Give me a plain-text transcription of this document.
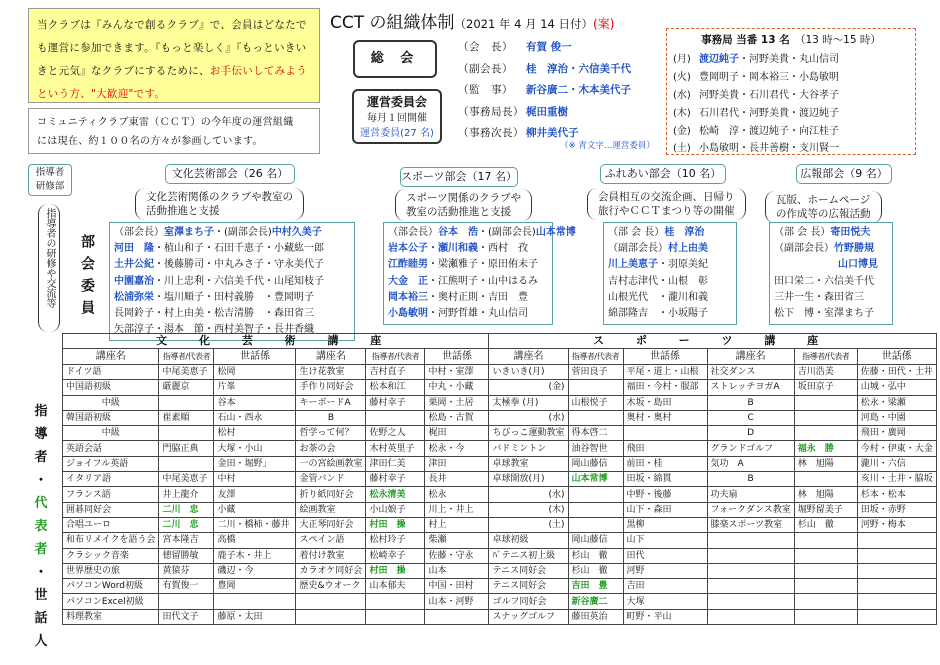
当クラブは『みんなで創るクラブ』で、会員はどなたで
も運営に参加できます。『もっと楽しく』『もっといきい
きと元気』なクラブにするために、お手伝いしてみよう
という方、"大歓迎"です。
コミュニティクラブ東雷（ＣＣＴ）の今年度の運営組織
には現在、約１００名の方々が参画しています。
CCT の組織体制（2021 年 4 月 14 日付）(案)
総 会
運営委員会
毎月１回開催
運営委員(27 名)
（会　長）	有賀 俊一
（副会長）	桂　淳治・六信美千代
（監　事）	新谷廣二・木本美代子
（事務局長） 梶田重樹
（事務次長） 柳井美代子
（※ 青文字…運営委員）
事務局 当番 13 名　 （13 時～15 時）
(月) 渡辺純子 ・河野美貴・丸山信司
(火) 豊岡明子・岡本裕三・小島敏明
(水) 河野美貴・石川君代・大谷孝子
(木) 石川君代・河野美貴・渡辺純子
(金) 松崎　淳・渡辺純子・向江桂子
(土) 小島敏明・長井善樹・支川賢一
指導者
研修部
指導者の研修や交流等 部会委員
文化芸術部会（26 名）
文化芸術関係のクラブや教室の
活動推進と支援
スポーツ部会（17 名）
スポーツ関係のクラブや
教室の活動推進と支援
ふれあい部会（10 名）
会員相互の交流企画、日帰り
旅行やＣＣＴまつり等の開催
広報部会（9 名）
瓦版、ホームページ
の作成等の広報活動
（部会長）室澤まち子・(副部会長)中村久美子
河田　隆・植山和子・石田千恵子・小藏紘一郎
土井公紀・後藤勝司・中丸みさ子・守永美代子
中園嘉治・川上忠利・六信美千代・山尾知枝子
松浦弥栄・塩川順子・田村義勝　・豊岡明子
長岡鈴子・村上由美・松吉清勝　・森田省三
矢部淳子・湯本　節・西村美智子・長井香織
（部会長）谷本　浩・(副部会長)山本常博
岩本公子・瀬川和義・西村　孜
江酢睦男・梁瀬雅子・原田侑未子
大金　正・江熊明子・山中はるみ
岡本裕三・奥村正則・吉田　豊
小島敏明・河野哲雄・丸山信司
（部 会 長）桂　淳治
（副部会長）村上由美
川上美恵子・羽原美紀
吉村志津代・山根　彰
山根光代　・瀧川和義
綿部隆吉　・小坂陽子
（部 会 長）寄田悦夫
（副部会長）竹野勝規
山口博見
田口栄二・六信美千代
三井一生・森田省三
松下　博・室澤まち子
指
導
者
・
代
表
者
・
世
話
人
文 化 芸 術 講 座						ス ポ ー ツ 講 座					
講座名	指導者/代表者	世話係	講座名	指導者/代表者	世話係	講座名	指導者/代表者	世話係	講座名	指導者/代表者	世話係
ドイツ語	中尾美恵子	松岡	生け花教室	吉村直子	中村・室澤	いきいき(月)	菅田良子	平尾・道上・山根	社交ダンス	吉川浩美	佐藤・田代・土井
中国語初級	厳麗京	片峯	手作り同好会	松本和江	中丸・小藏	(金)		福田・今村・服部	ストレッチヨガA	坂田京子	山城・弘中
中級		谷本	キーボードA	藤村幸子	栗岡・土居	太極拳 (月)	山根悦子	木坂・島田	B		松永・梁瀬
韓国語初級	崔素順	石山・西永	B		松島・古賀	(水)		奥村・奥村	C		河島・中園
中級		松村	哲学って何？	佐野之人	梶田	ちびっこ運動教室	得本啓二		D		飛田・廣岡
英語会話	門脇正典	大塚・小山	お茶の会	木村英里子	松永・今	バドミントン	油谷智世	飛田	グランドゴルフ	福永　勝	今村・伊東・大金
ジョイフル英語		金田・堀野」	一の宮絵画教室	津田仁美	津田	卓球教室	岡山藤信	前田・桂	気功　A	林　旭陽	瀧川・六信
イタリア語	中尾美恵子	中村	金管バンド	藤村幸子	長井	卓球開放(月)	山本常博	田坂・綿貫	B		亥川・土井・脇坂
フランス語	井上龍介	友澤	折り紙同好会	松永清美	松永	(水)		中野・後藤	功夫扇	林　旭陽	杉本・松本
囲碁同好会	二川　忠	小藏	絵画教室	小山娘子	川上・井上	(木)		山下・森田	フォークダンス教室	堀野留美子	田坂・赤野
合唱ユーロ	二川　忠	二川・橋柿・藤井	大正琴同好会	村田　操	村上	(土)		黒柳	膝楽スポーツ教室	杉山　徹	河野・梅本
和布リメイクを語う会	宮本隆吉	高橋	スペイン語	松村玲子	柴瀬	卓球初級	岡山藤信	山下			
クラシック音楽	徳留勝敏	鹿子木・井上	着付け教室	松崎幸子	佐藤・守永	ﾊﾞテニス初上級	杉山　徹	田代			
世界歴史の旅	黄猿芬	磯辺・今	カラオケ同好会	村田　操	山本	テニス同好会	杉山　徹	河野			
パソコンWord初級	有賀俊一	豊岡	歴史&ウオーク	山本郁夫	中国・田村	テニス同好会	吉田　豊	吉田			
パソコンExcel初級					山本・河野	ゴルフ同好会	新谷廣二	大塚			
料理教室	田代文子	藤原・太田				スナッグゴルフ	藤田英治	町野・平山			
